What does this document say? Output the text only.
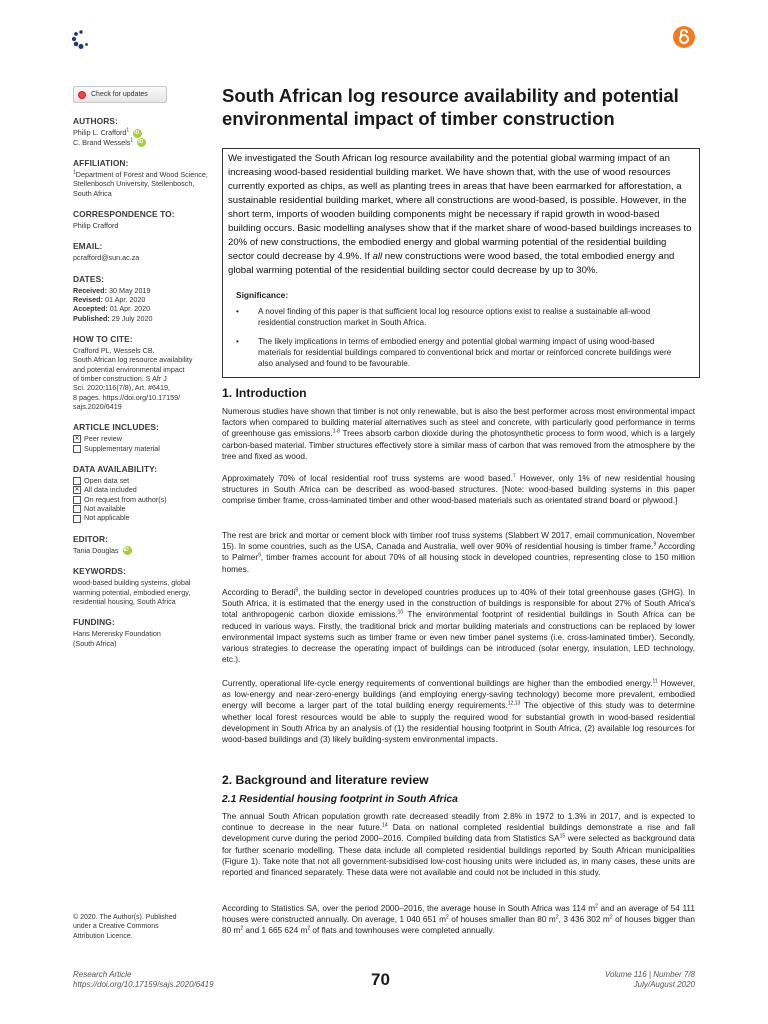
Check for updates
AUTHORS:
Philip L. Crafford$^1$ iD
C. Brand Wessels$^1$ iD
AFFILIATION:
$^1$Department of Forest and Wood Science, Stellenbosch University, Stellenbosch, South Africa
CORRESPONDENCE TO:
Philip Crafford
EMAIL:
pcrafford@sun.ac.za
DATES:
Received: 30 May 2019
Revised: 01 Apr. 2020
Accepted: 01 Apr. 2020
Published: 29 July 2020
HOW TO CITE:
Crafford PL, Wessels CB.
South African log resource availability
and potential environmental impact
of timber construction. S Afr J
Sci. 2020;116(7/8), Art. #6419,
8 pages. https://doi.org/10.17159/
sajs.2020/6419
ARTICLE INCLUDES:
✕ Peer review
Supplementary material
DATA AVAILABILITY:
Open data set
✕ All data included
On request from author(s)
Not available
Not applicable
EDITOR:
Tania Douglas iD
KEYWORDS:
wood-based building systems, global
warming potential, embodied energy,
residential housing, South Africa
FUNDING:
Hans Merensky Foundation
(South Africa)
© 2020. The Author(s). Published
under a Creative Commons
Attribution Licence.
South African log resource availability and potential environmental impact of timber construction

We investigated the South African log resource availability and the potential global warming impact of an increasing wood-based residential building market. We have shown that, with the use of wood resources currently exported as chips, as well as planting trees in areas that have been earmarked for afforestation, a sustainable residential building market, where all constructions are wood-based, is possible. However, in the short term, imports of wooden building components might be necessary if rapid growth in wood-based building occurs. Basic modelling analyses show that if the market share of wood-based buildings increases to 20% of new constructions, the embodied energy and global warming potential of the residential building sector could decrease by 4.9%. If all new constructions were wood based, the total embodied energy and global warming potential of the residential building sector could decrease by up to 30%.

Significance:
• A novel finding of this paper is that sufficient local log resource options exist to realise a sustainable all-wood residential construction market in South Africa.
• The likely implications in terms of embodied energy and potential global warming impact of using wood-based materials for residential buildings compared to conventional brick and mortar or reinforced concrete buildings were also analysed and found to be favourable.
1. Introduction

Numerous studies have shown that timber is not only renewable, but is also the best performer across most environmental impact factors when compared to building material alternatives such as steel and concrete, with particularly good performance in terms of greenhouse gas emissions.$^{1-8}$ Trees absorb carbon dioxide during the photosynthetic process to form wood, which is a largely carbon-based material. Timber structures effectively store a similar mass of carbon that was removed from the atmosphere by the tree and fixed as wood.

Approximately 70% of local residential roof truss systems are wood based.$^7$ However, only 1% of new residential housing structures in South Africa can be described as wood-based structures. [Note: wood-based building systems in this paper comprise timber frame, cross-laminated timber and other wood-based materials such as orientated strand board or plywood.]

The rest are brick and mortar or cement block with timber roof truss systems (Slabbert W 2017, email communication, November 15). In some countries, such as the USA, Canada and Australia, well over 90% of residential housing is timber frame.$^9$ According to Palmer$^9$, timber frames account for about 70% of all housing stock in developed countries, representing close to 150 million homes.

According to Beradi$^9$, the building sector in developed countries produces up to 40% of their total greenhouse gases (GHG). In South Africa, it is estimated that the energy used in the construction of buildings is responsible for about 27% of South Africa's total anthropogenic carbon dioxide emissions.$^{10}$ The environmental footprint of residential buildings in South Africa can be reduced in various ways. Firstly, the traditional brick and mortar building materials and constructions can be replaced by lower environmental impact systems such as timber frame or even new timber panel systems (i.e. cross-laminated timber). Secondly, various strategies to decrease the operating impact of buildings can be introduced (solar energy, insulation, LED technology, etc.).

Currently, operational life-cycle energy requirements of conventional buildings are higher than the embodied energy.$^{11}$ However, as low-energy and near-zero-energy buildings (and employing energy-saving technology) become more prevalent, embodied energy will become a larger part of the total building energy requirements.$^{12,13}$ The objective of this study was to determine whether local forest resources would be able to supply the required wood for substantial growth in wood-based residential development in South Africa by an analysis of (1) the residential housing footprint in South Africa, (2) available log resources for wood-based buildings and (3) likely building-system environmental impacts.

2. Background and literature review
2.1 Residential housing footprint in South Africa

The annual South African population growth rate decreased steadily from 2.8% in 1972 to 1.3% in 2017, and is expected to continue to decrease in the near future.$^{14}$ Data on national completed residential buildings demonstrate a rise and fall development curve during the period 2000–2016. Compiled building data from Statistics SA$^{15}$ were selected as background data for further scenario modelling. These data include all completed residential buildings reported by South African municipalities (Figure 1). Take note that not all government-subsidised low-cost housing units were included as, in many cases, these units are reported and financed separately. These data were not available and could not be included in this study.

According to Statistics SA, over the period 2000–2016, the average house in South Africa was 114 $m^2$ and an average of 54 111 houses were constructed annually. On average, 1 040 651 $m^2$ of houses smaller than 80 $m^2$, 3 436 302 $m^2$ of houses bigger than 80 $m^2$ and 1 665 624 $m^2$ of flats and townhouses were completed annually.

Research Article
https://doi.org/10.17159/sajs.2020/6419	70	Volume 116 | Number 7/8
July/August 2020
